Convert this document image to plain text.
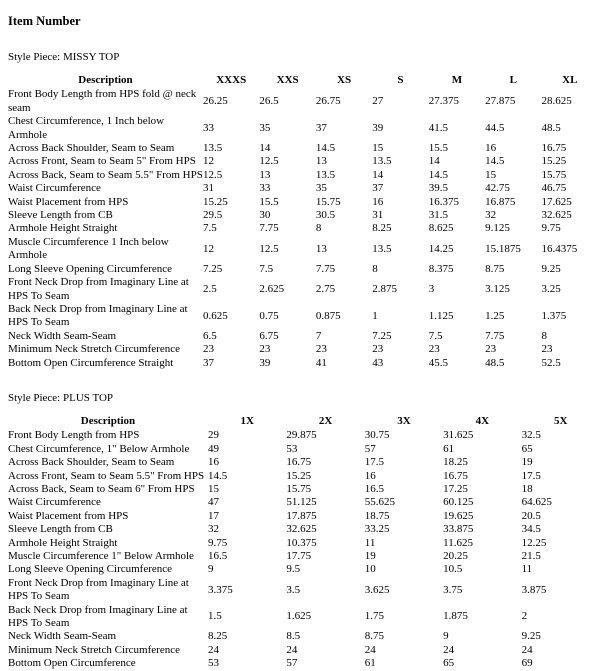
Item Number
Style Piece: MISSY TOP
Description	XXXS	XXS	XS	S	M	L	XL
Front Body Length from HPS fold @ neck seam	26.25	26.5	26.75	27	27.375	27.875	28.625
Chest Circumference, 1 Inch below Armhole	33	35	37	39	41.5	44.5	48.5
Across Back Shoulder, Seam to Seam	13.5	14	14.5	15	15.5	16	16.75
Across Front, Seam to Seam 5" From HPS	12	12.5	13	13.5	14	14.5	15.25
Across Back, Seam to Seam 5.5" From HPS	12.5	13	13.5	14	14.5	15	15.75
Waist Circumference	31	33	35	37	39.5	42.75	46.75
Waist Placement from HPS	15.25	15.5	15.75	16	16.375	16.875	17.625
Sleeve Length from CB	29.5	30	30.5	31	31.5	32	32.625
Armhole Height Straight	7.5	7.75	8	8.25	8.625	9.125	9.75
Muscle Circumference 1 Inch below Armhole	12	12.5	13	13.5	14.25	15.1875	16.4375
Long Sleeve Opening Circumference	7.25	7.5	7.75	8	8.375	8.75	9.25
Front Neck Drop from Imaginary Line at HPS To Seam	2.5	2.625	2.75	2.875	3	3.125	3.25
Back Neck Drop from Imaginary Line at HPS To Seam	0.625	0.75	0.875	1	1.125	1.25	1.375
Neck Width Seam-Seam	6.5	6.75	7	7.25	7.5	7.75	8
Minimum Neck Stretch Circumference	23	23	23	23	23	23	23
Bottom Open Circumference Straight	37	39	41	43	45.5	48.5	52.5
Style Piece: PLUS TOP
Description	1X	2X	3X	4X	5X
Front Body Length from HPS	29	29.875	30.75	31.625	32.5
Chest Circumference, 1" Below Armhole	49	53	57	61	65
Across Back Shoulder, Seam to Seam	16	16.75	17.5	18.25	19
Across Front, Seam to Seam 5.5" From HPS	14.5	15.25	16	16.75	17.5
Across Back, Seam to Seam 6" From HPS	15	15.75	16.5	17.25	18
Waist Circumference	47	51.125	55.625	60.125	64.625
Waist Placement from HPS	17	17.875	18.75	19.625	20.5
Sleeve Length from CB	32	32.625	33.25	33.875	34.5
Armhole Height Straight	9.75	10.375	11	11.625	12.25
Muscle Circumference 1" Below Armhole	16.5	17.75	19	20.25	21.5
Long Sleeve Opening Circumference	9	9.5	10	10.5	11
Front Neck Drop from Imaginary Line at HPS To Seam	3.375	3.5	3.625	3.75	3.875
Back Neck Drop from Imaginary Line at HPS To Seam	1.5	1.625	1.75	1.875	2
Neck Width Seam-Seam	8.25	8.5	8.75	9	9.25
Minimum Neck Stretch Circumference	24	24	24	24	24
Bottom Open Circumference	53	57	61	65	69
